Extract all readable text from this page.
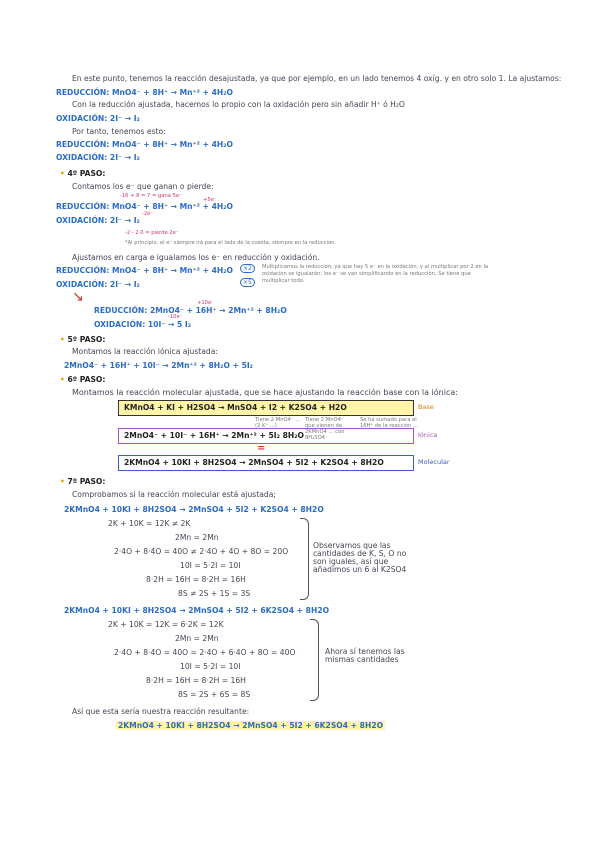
En este punto, tenemos la reacción desajustada, ya que por ejemplo, en un lado tenemos 4 oxíg. y en otro solo 1. La ajustamos:
REDUCCIÓN: MnO4⁻ + 8H⁺ → Mn⁺² + 4H₂O
Con la reducción ajustada, hacemos lo propio con la oxidación pero sin añadir H⁺ ó H₂O
OXIDACIÓN: 2I⁻ → I₂
Por tanto, tenemos esto:
REDUCCIÓN: MnO4⁻ + 8H⁺ → Mn⁺² + 4H₂O
OXIDACIÓN: 2I⁻ → I₂
• 4º PASO:
Contamos los e⁻ que ganan o pierde:
-16 + 8 = 7 = gana 5e⁻
REDUCCIÓN: MnO4⁻ + 8H⁺ → Mn⁺² + 4H₂O
+5e⁻
OXIDACIÓN: 2I⁻ → I₂
-2e⁻
-2 - 2·0 = pierde 2e⁻
*Al principio, el e⁻ siempre irá para el lado de la cuesta, siempre en la reducción.
Ajustamos en carga e igualamos los e⁻ en reducción y oxidación.
REDUCCIÓN: MnO4⁻ + 8H⁺ → Mn⁺² + 4H₂O
OXIDACIÓN: 2I⁻ → I₂
×2
×5
Multiplicamos la reducción, ya que hay 5 e⁻ en la oxidación, y al multiplicar por 2 en la oxidación se igualarán; los e⁻ se van simplificando en la reducción. Se tiene que multiplicar todo.
↘
REDUCCIÓN: 2MnO4⁻ + 16H⁺ → 2Mn⁺² + 8H₂O
+10e⁻
OXIDACIÓN: 10I⁻ → 5 I₂
-10e⁻
• 5º PASO:
Montamos la reacción iónica ajustada:
2MnO4⁻ + 16H⁺ + 10I⁻ → 2Mn⁺² + 8H₂O + 5I₂
• 6º PASO:
Montamos la reacción molecular ajustada, que se hace ajustando la reacción base con la iónica:
KMnO4 + KI + H2SO4 → MnSO4 + I2 + K2SO4 + H2O	Base
Tiene 2 MnO4⁻ ... (2 K⁺ ...)
Tiene 2 MnO4⁻ que vienen de 2KMnO4 ... con 8H₂SO4
Se ha sumado para el 16H⁺ de la reacción ...
2MnO4⁻ + 10I⁻ + 16H⁺ → 2Mn⁺² + 5I₂ 8H₂O	Iónica
=
2KMnO4 + 10KI + 8H2SO4 → 2MnSO4 + 5I2 + K2SO4 + 8H2O	Molecular
• 7º PASO:
Comprobamos si la reacción molecular está ajustada;
2KMnO4 + 10KI + 8H2SO4 → 2MnSO4 + 5I2 + K2SO4 + 8H2O
2K + 10K = 12K ≠ 2K
2Mn = 2Mn
2·4O + 8·4O = 40O ≠ 2·4O + 4O + 8O = 20O
10I = 5·2I = 10I
8·2H = 16H = 8·2H = 16H
8S ≠ 2S + 1S = 3S
Observamos que las cantidades de K, S, O no son iguales, así que añadimos un 6 al K2SO4
2KMnO4 + 10KI + 8H2SO4 → 2MnSO4 + 5I2 + 6K2SO4 + 8H2O
2K + 10K = 12K = 6·2K = 12K
2Mn = 2Mn
2·4O + 8·4O = 40O = 2·4O + 6·4O + 8O = 40O
10I = 5·2I = 10I
8·2H = 16H = 8·2H = 16H
8S = 2S + 6S = 8S
Ahora sí tenemos las mismas cantidades
Así que esta sería nuestra reacción resultante:
2KMnO4 + 10KI + 8H2SO4 → 2MnSO4 + 5I2 + 6K2SO4 + 8H2O
